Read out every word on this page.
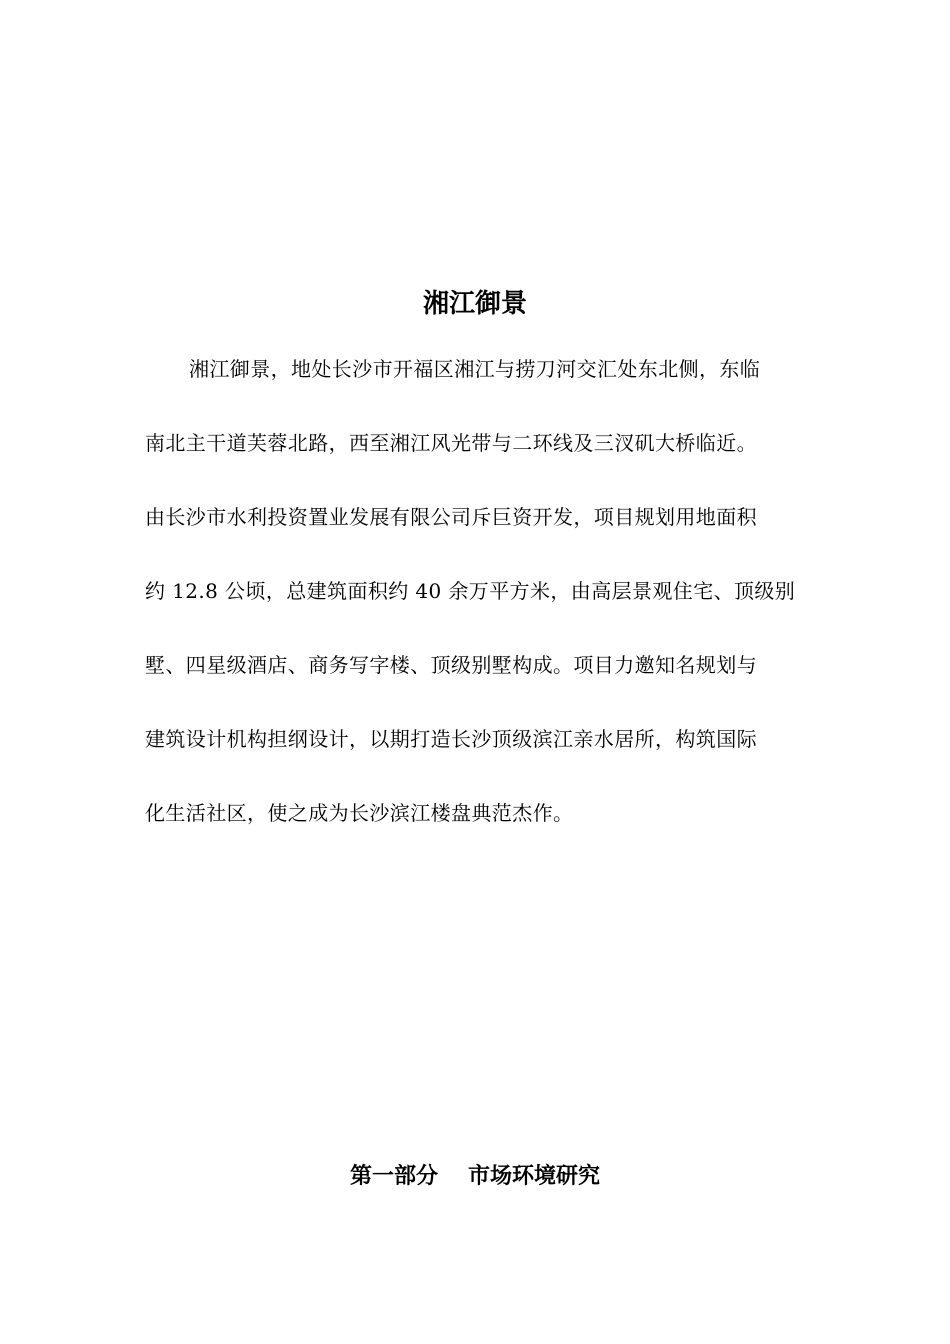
湘江御景
湘江御景，地处长沙市开福区湘江与捞刀河交汇处东北侧，东临
南北主干道芙蓉北路，西至湘江风光带与二环线及三汊矶大桥临近。
由长沙市水利投资置业发展有限公司斥巨资开发，项目规划用地面积
约 12.8 公顷，总建筑面积约 40 余万平方米，由高层景观住宅、顶级别
墅、四星级酒店、商务写字楼、顶级别墅构成。项目力邀知名规划与
建筑设计机构担纲设计，以期打造长沙顶级滨江亲水居所，构筑国际
化生活社区，使之成为长沙滨江楼盘典范杰作。
第一部分 市场环境研究
